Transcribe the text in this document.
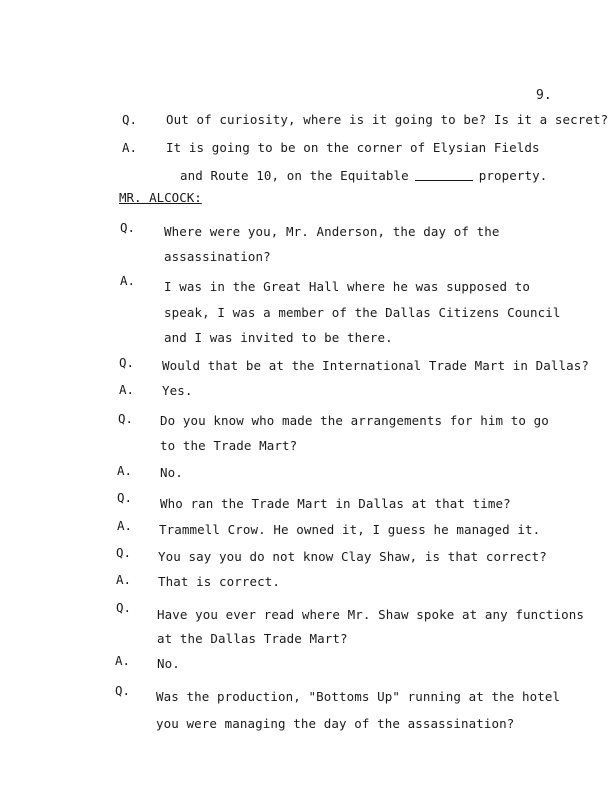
9.
Q. Out of curiosity, where is it going to be? Is it a secret?
A. It is going to be on the corner of Elysian Fields
and Route 10, on the Equitable	property.
MR. ALCOCK:
Q. Where were you, Mr. Anderson, the day of the
assassination?
A. I was in the Great Hall where he was supposed to
speak, I was a member of the Dallas Citizens Council
and I was invited to be there.
Q. Would that be at the International Trade Mart in Dallas?
A. Yes.
Q. Do you know who made the arrangements for him to go
to the Trade Mart?
A. No.
Q. Who ran the Trade Mart in Dallas at that time?
A. Trammell Crow. He owned it, I guess he managed it.
Q. You say you do not know Clay Shaw, is that correct?
A. That is correct.
Q. Have you ever read where Mr. Shaw spoke at any functions
at the Dallas Trade Mart?
A. No.
Q. Was the production, "Bottoms Up" running at the hotel
you were managing the day of the assassination?
